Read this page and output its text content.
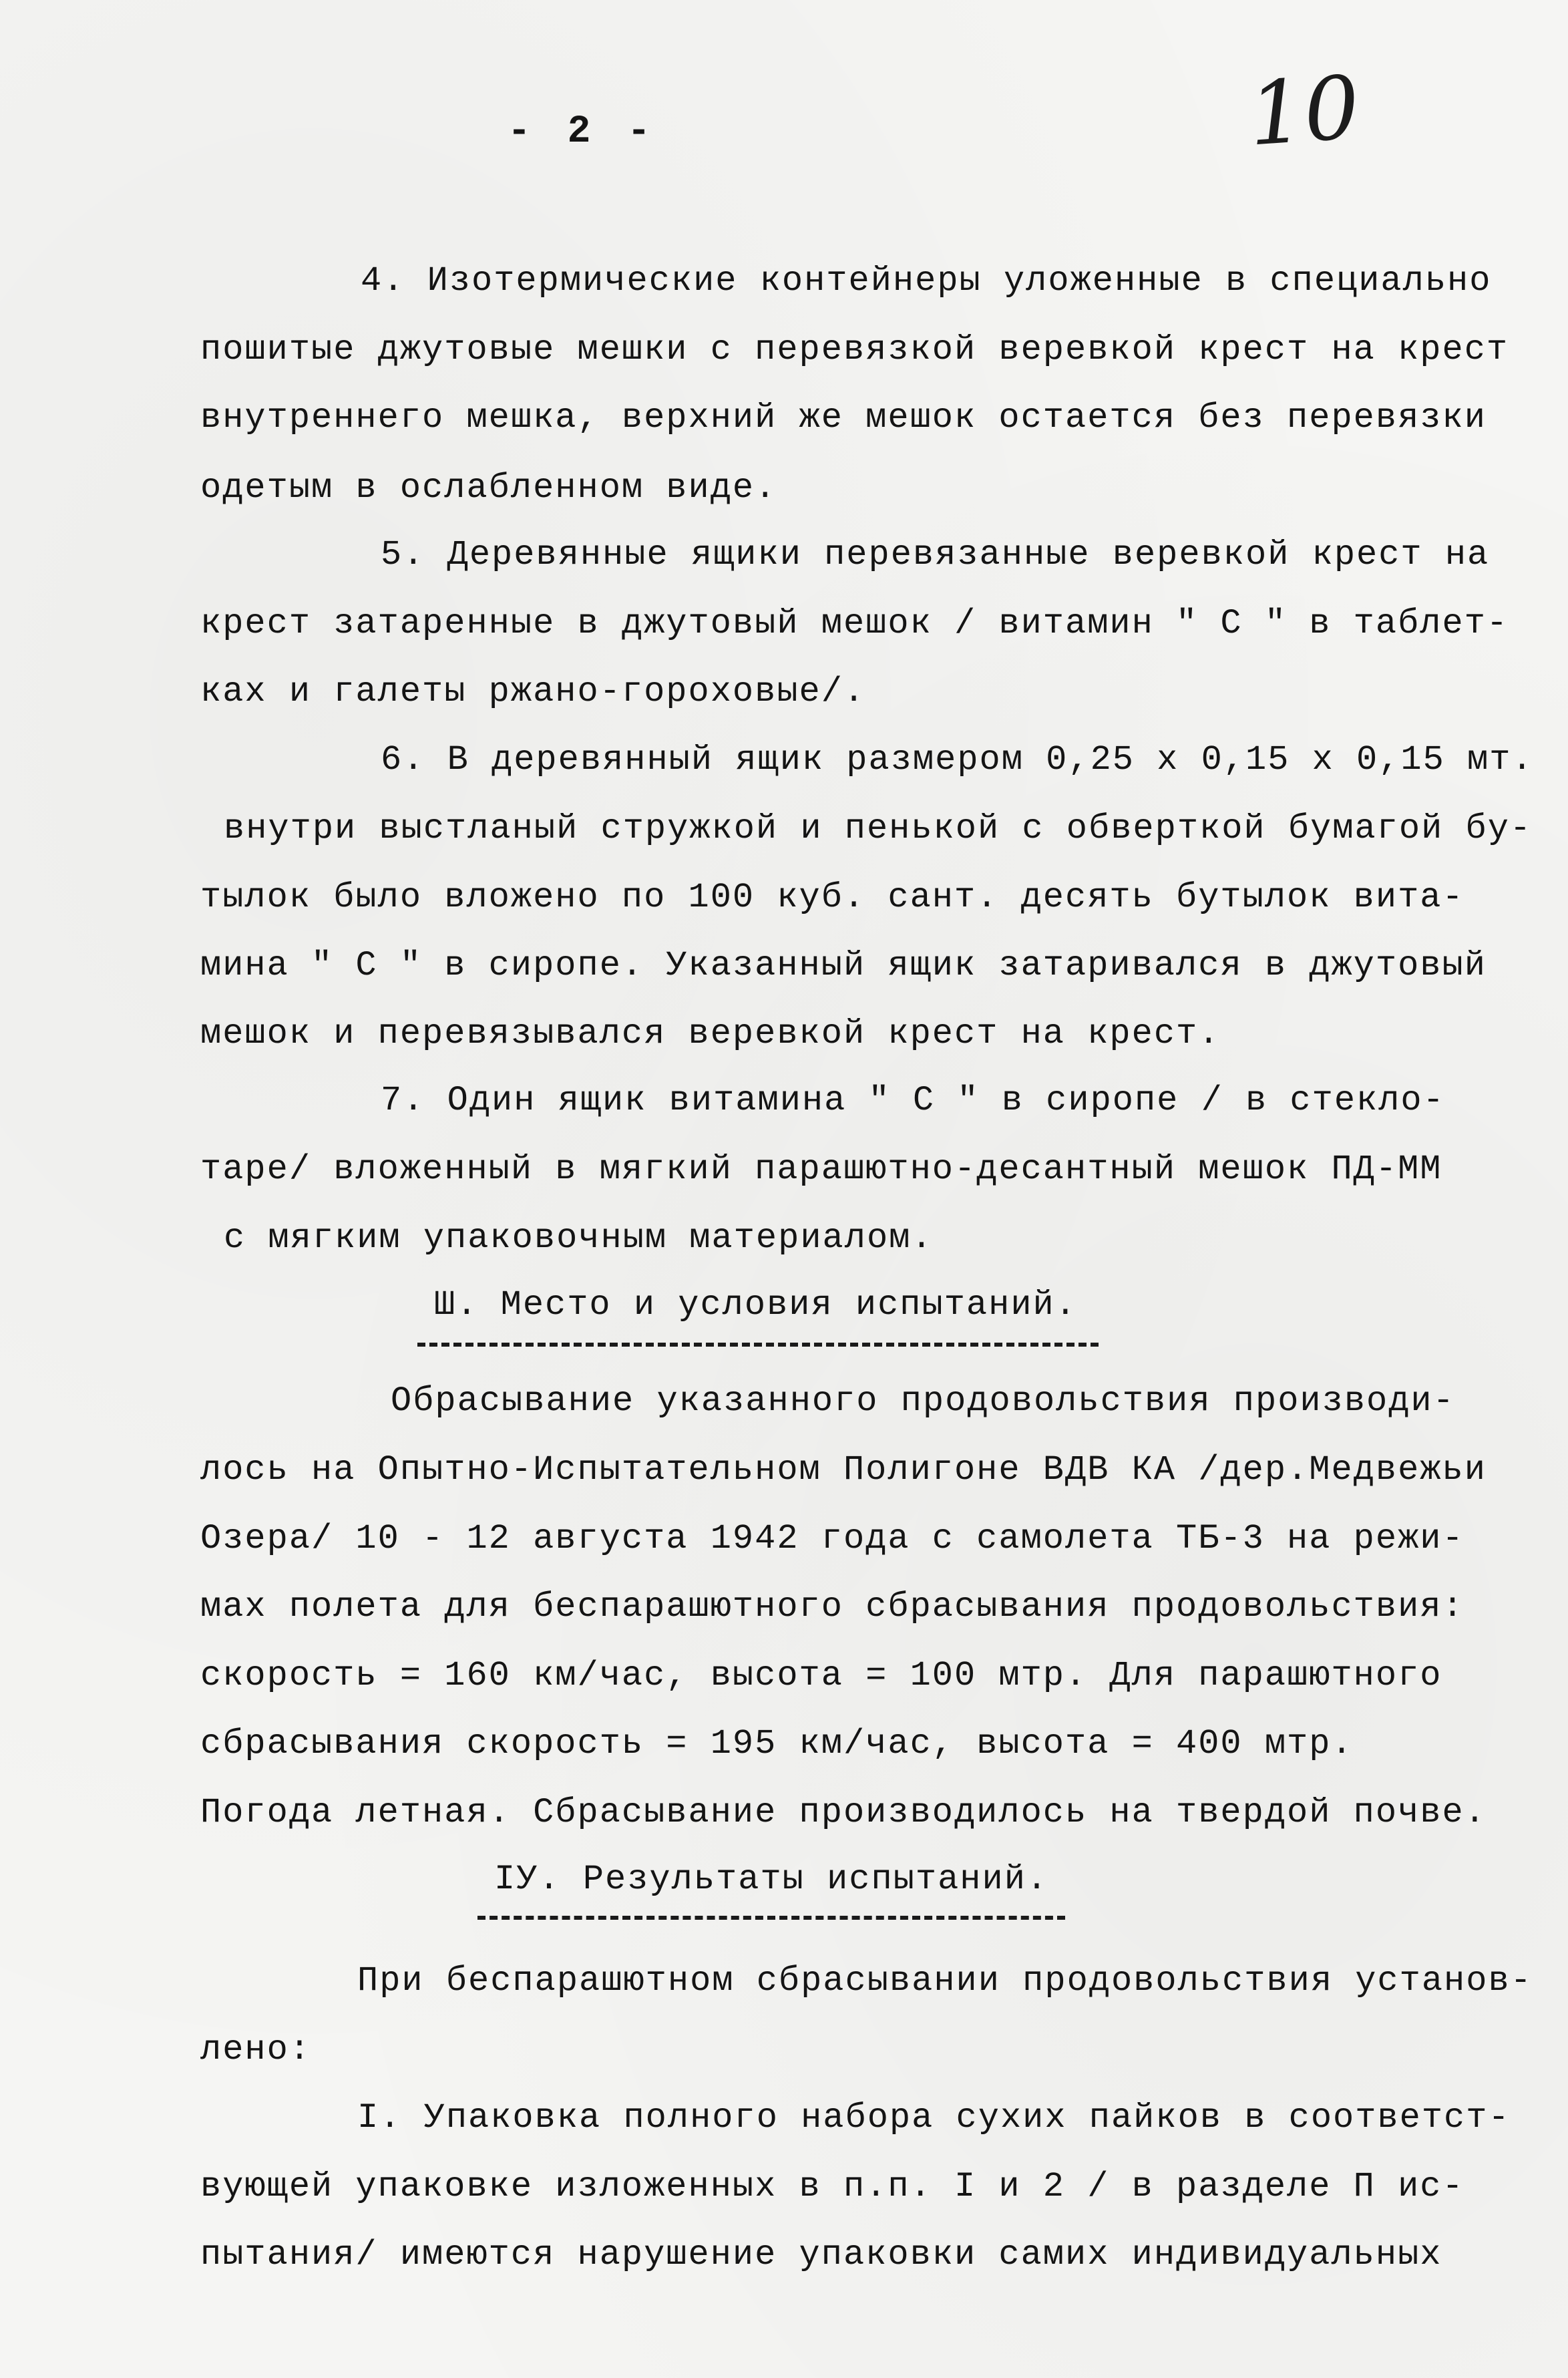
- 2 -	10
4. Изотермические контейнеры уложенные в специально
пошитые джутовые мешки с перевязкой веревкой крест на крест
внутреннего мешка, верхний же мешок остается без перевязки
одетым в ослабленном виде.
5. Деревянные ящики перевязанные веревкой крест на
крест затаренные в джутовый мешок / витамин " С " в таблет-
ках и галеты ржано-гороховые/.
6. В деревянный ящик размером 0,25 х 0,15 х 0,15 мт.
внутри выстланый стружкой и пенькой с обверткой бумагой бу-
тылок было вложено по 100 куб. сант. десять бутылок вита-
мина " С " в сиропе. Указанный ящик затаривался в джутовый
мешок и перевязывался веревкой крест на крест.
7. Один ящик витамина " С " в сиропе / в стекло-
таре/ вложенный в мягкий парашютно-десантный мешок ПД-ММ
с мягким упаковочным материалом.
Ш. Место и условия испытаний.
Обрасывание указанного продовольствия производи-
лось на Опытно-Испытательном Полигоне ВДВ КА /дер.Медвежьи
Озера/ 10 - 12 августа 1942 года с самолета ТБ-3 на режи-
мах полета для беспарашютного сбрасывания продовольствия:
скорость = 160 км/час, высота = 100 мтр. Для парашютного
сбрасывания скорость = 195 км/час, высота = 400 мтр.
Погода летная. Сбрасывание производилось на твердой почве.
IУ. Результаты испытаний.
При беспарашютном сбрасывании продовольствия установ-
лено:
I. Упаковка полного набора сухих пайков в соответст-
вующей упаковке изложенных в п.п. I и 2 / в разделе П ис-
пытания/ имеются нарушение упаковки самих индивидуальных
